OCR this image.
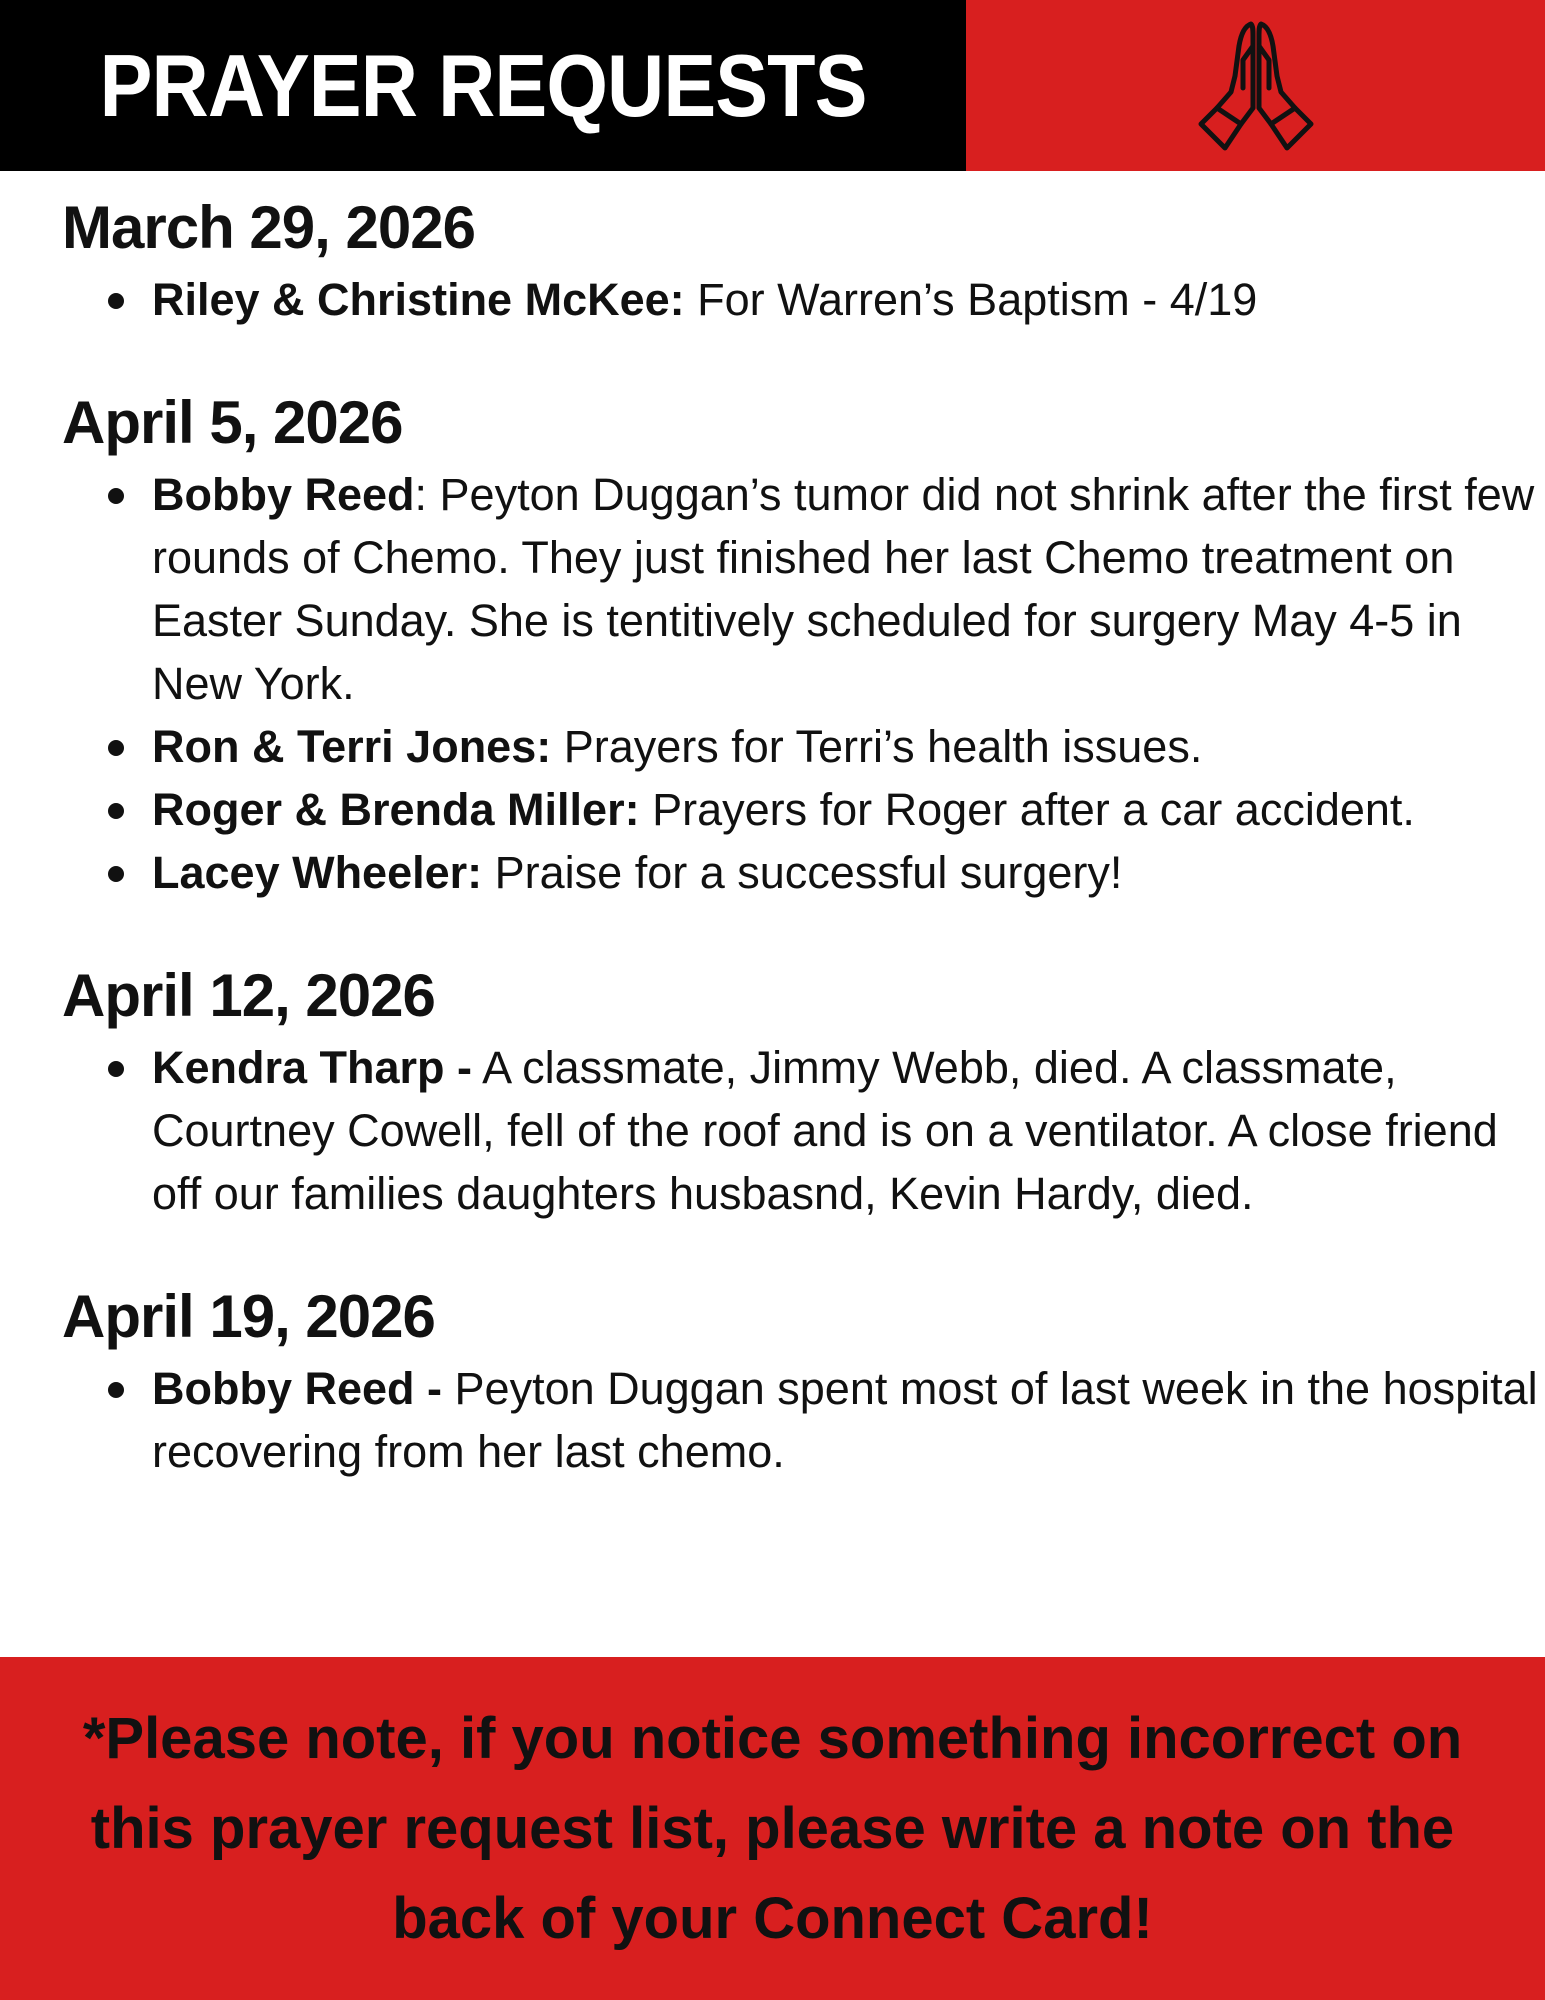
PRAYER REQUESTS
March 29, 2026
Riley & Christine McKee: For Warren’s Baptism - 4/19
April 5, 2026
Bobby Reed: Peyton Duggan’s tumor did not shrink after the first few rounds of Chemo. They just finished her last Chemo treatment on Easter Sunday. She is tentitively scheduled for surgery May 4-5 in New York.
Ron & Terri Jones: Prayers for Terri’s health issues.
Roger & Brenda Miller: Prayers for Roger after a car accident.
Lacey Wheeler: Praise for a successful surgery!
April 12, 2026
Kendra Tharp - A classmate, Jimmy Webb, died. A classmate, Courtney Cowell, fell of the roof and is on a ventilator. A close friend off our families daughters husbasnd, Kevin Hardy, died.
April 19, 2026
Bobby Reed - Peyton Duggan spent most of last week in the hospital recovering from her last chemo.
*Please note, if you notice something incorrect on this prayer request list, please write a note on the back of your Connect Card!
